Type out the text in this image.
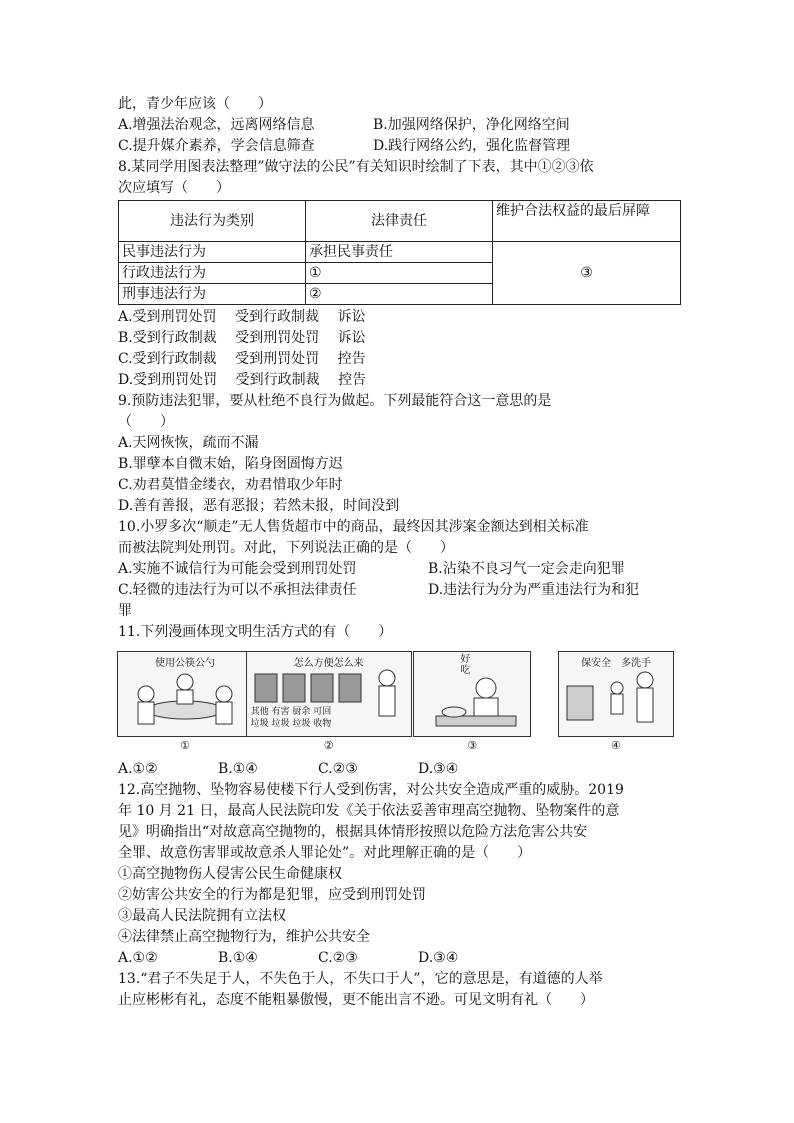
此，青少年应该（　　）
A.增强法治观念，远离网络信息	B.加强网络保护，净化网络空间
C.提升媒介素养，学会信息筛查	D.践行网络公约，强化监督管理
8.某同学用图表法整理”做守法的公民”有关知识时绘制了下表，其中①②③依
次应填写（　　）
违法行为类别	法律责任	维护合法权益的最后屏障
民事违法行为	承担民事责任	③
行政违法行为	①	
刑事违法行为	②	
A.受到刑罚处罚　 受到行政制裁　 诉讼
B.受到行政制裁　 受到刑罚处罚　 诉讼
C.受到行政制裁　 受到刑罚处罚　 控告
D.受到刑罚处罚　 受到行政制裁　 控告
9.预防违法犯罪，要从杜绝不良行为做起。下列最能符合这一意思的是
（　　）
A.天网恢恢，疏而不漏
B.罪孽本自微末始，陷身囹圄悔方迟
C.劝君莫惜金缕衣，劝君惜取少年时
D.善有善报，恶有恶报；若然未报，时间没到
10.小罗多次“顺走”无人售货超市中的商品，最终因其涉案金额达到相关标准
而被法院判处刑罚。对此，下列说法正确的是（　　）
A.实施不诚信行为可能会受到刑罚处罚	B.沾染不良习气一定会走向犯罪
C.轻微的违法行为可以不承担法律责任	D.违法行为分为严重违法行为和犯
罪
11.下列漫画体现文明生活方式的有（　　）
使用公筷公勺
①
怎么方便怎么来
其他 有害 厨余 可回
垃圾 垃圾 垃圾 收物
②
好
吃
③
保安全　多洗手
④
A.①②	B.①④	C.②③	D.③④
12.高空抛物、坠物容易使楼下行人受到伤害，对公共安全造成严重的威胁。2019
年 10 月 21 日，最高人民法院印发《关于依法妥善审理高空抛物、坠物案件的意
见》明确指出“对故意高空抛物的，根据具体情形按照以危险方法危害公共安
全罪、故意伤害罪或故意杀人罪论处”。对此理解正确的是（　　）
①高空抛物伤人侵害公民生命健康权
②妨害公共安全的行为都是犯罪，应受到刑罚处罚
③最高人民法院拥有立法权
④法律禁止高空抛物行为，维护公共安全
A.①②	B.①④	C.②③	D.③④
13.“君子不失足于人，不失色于人，不失口于人”，它的意思是，有道德的人举
止应彬彬有礼，态度不能粗暴傲慢，更不能出言不逊。可见文明有礼（　　）
